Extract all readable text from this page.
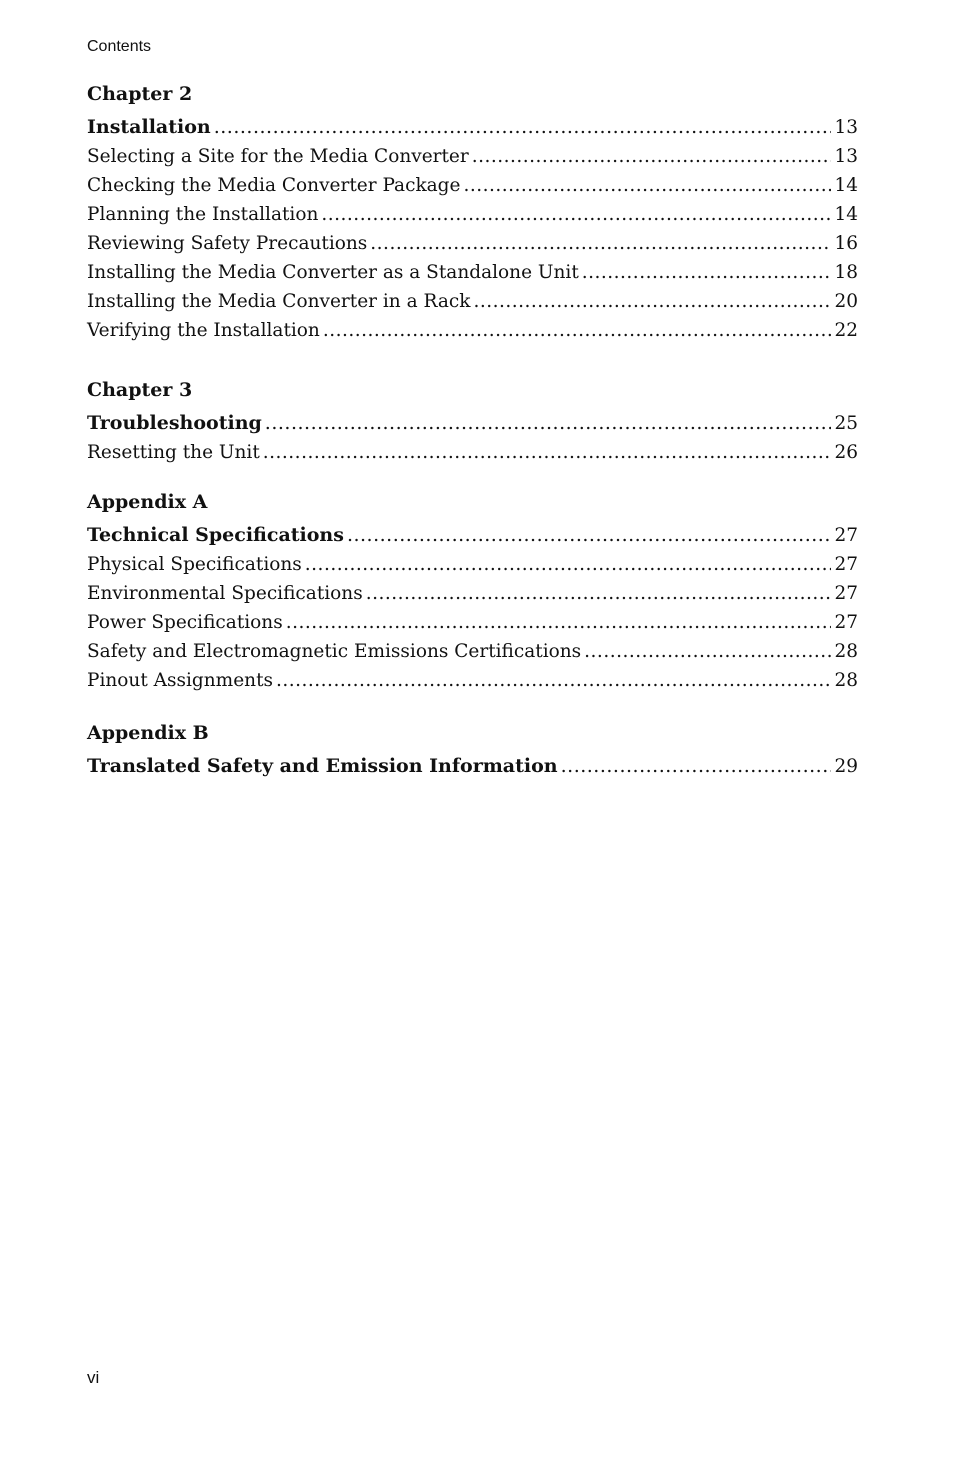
Contents
Chapter 2
Installation .....	13
Selecting a Site for the Media Converter .....	13
Checking the Media Converter Package .....	14
Planning the Installation .....	14
Reviewing Safety Precautions .....	16
Installing the Media Converter as a Standalone Unit .....	18
Installing the Media Converter in a Rack .....	20
Verifying the Installation .....	22
Chapter 3
Troubleshooting .....	25
Resetting the Unit .....	26
Appendix A
Technical Specifications .....	27
Physical Specifications .....	27
Environmental Specifications .....	27
Power Specifications .....	27
Safety and Electromagnetic Emissions Certifications .....	28
Pinout Assignments .....	28
Appendix B
Translated Safety and Emission Information .....	29
vi
